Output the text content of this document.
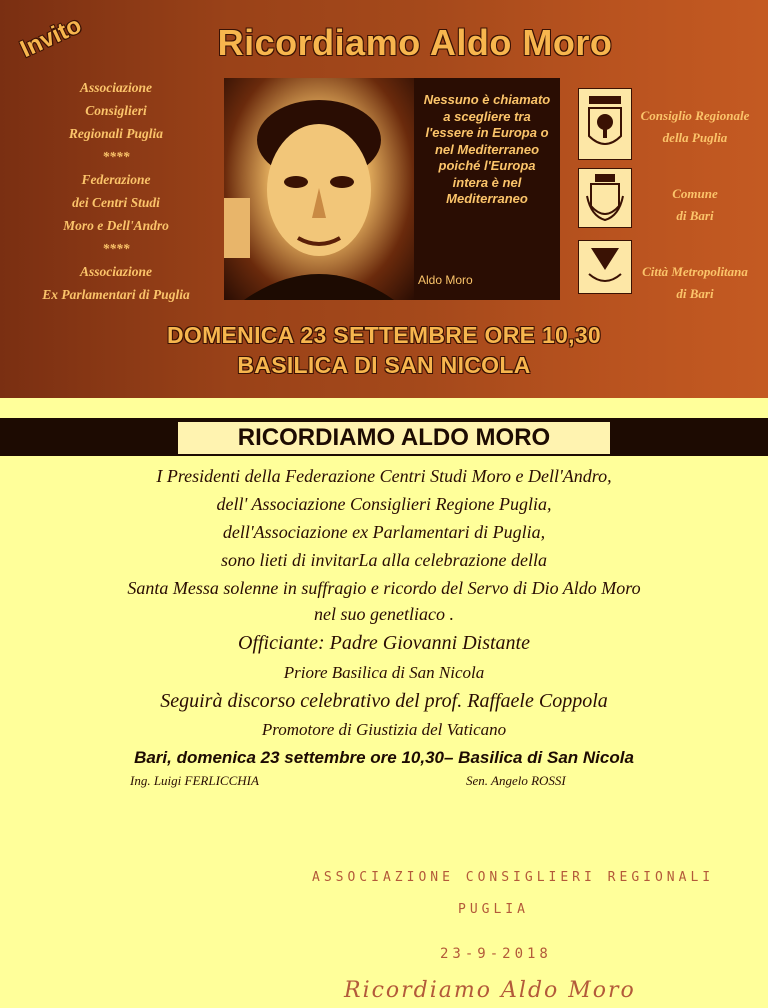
Invito	Ricordiamo Aldo Moro
Associazione
Consiglieri
Regionali Puglia
****
Federazione
dei Centri Studi
Moro e Dell'Andro
****
Associazione
Ex Parlamentari di Puglia
Nessuno è chiamato a scegliere tra l'essere in Europa o nel Mediterraneo poiché l'Europa intera è nel Mediterraneo
Aldo Moro
Consiglio Regionale
della Puglia
Comune
di Bari
Città Metropolitana
di Bari
DOMENICA 23 SETTEMBRE ORE 10,30
BASILICA DI SAN NICOLA
RICORDIAMO ALDO MORO
I Presidenti della Federazione Centri Studi Moro e Dell'Andro,
dell' Associazione Consiglieri Regione Puglia,
dell'Associazione ex Parlamentari di Puglia,
sono lieti di invitarLa alla celebrazione della
Santa Messa solenne in suffragio e ricordo del Servo di Dio Aldo Moro
nel suo genetliaco .
Officiante: Padre Giovanni Distante
Priore Basilica di San Nicola
Seguirà discorso celebrativo del prof. Raffaele Coppola
Promotore di Giustizia del Vaticano
Bari, domenica 23 settembre ore 10,30– Basilica di San Nicola
Ing. Luigi FERLICCHIA	Sen. Angelo ROSSI
ASSOCIAZIONE CONSIGLIERI REGIONALI
PUGLIA
23-9-2018
Ricordiamo Aldo Moro
